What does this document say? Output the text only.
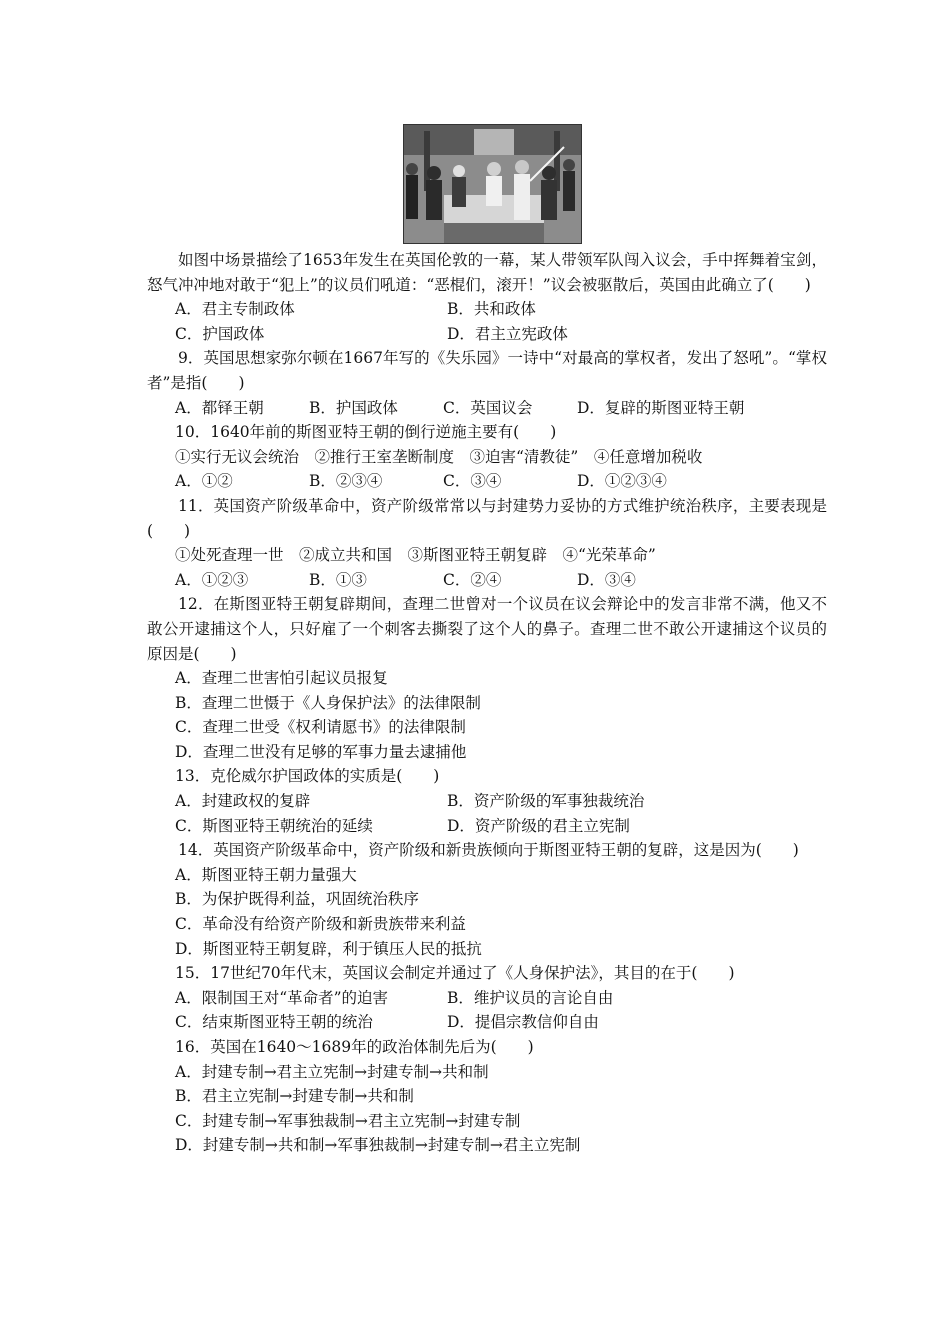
如图中场景描绘了1653年发生在英国伦敦的一幕，某人带领军队闯入议会，手中挥舞着宝剑，怒气冲冲地对敢于“犯上”的议员们吼道：“恶棍们，滚开！”议会被驱散后，英国由此确立了(　　)
A．君主专制政体	B．共和政体
C．护国政体	D．君主立宪政体
9．英国思想家弥尔顿在1667年写的《失乐园》一诗中“对最高的掌权者，发出了怒吼”。“掌权者”是指(　　)
A．都铎王朝	B．护国政体	C．英国议会	D．复辟的斯图亚特王朝
10．1640年前的斯图亚特王朝的倒行逆施主要有(　　)
①实行无议会统治　②推行王室垄断制度　③迫害“清教徒”　④任意增加税收
A．①②	B．②③④	C．③④	D．①②③④
11．英国资产阶级革命中，资产阶级常常以与封建势力妥协的方式维护统治秩序，主要表现是(　　)
①处死查理一世　②成立共和国　③斯图亚特王朝复辟　④“光荣革命”
A．①②③	B．①③	C．②④	D．③④
12．在斯图亚特王朝复辟期间，查理二世曾对一个议员在议会辩论中的发言非常不满，他又不敢公开逮捕这个人，只好雇了一个刺客去撕裂了这个人的鼻子。查理二世不敢公开逮捕这个议员的原因是(　　)
A．查理二世害怕引起议员报复
B．查理二世慑于《人身保护法》的法律限制
C．查理二世受《权利请愿书》的法律限制
D．查理二世没有足够的军事力量去逮捕他
13．克伦威尔护国政体的实质是(　　)
A．封建政权的复辟	B．资产阶级的军事独裁统治
C．斯图亚特王朝统治的延续	D．资产阶级的君主立宪制
14．英国资产阶级革命中，资产阶级和新贵族倾向于斯图亚特王朝的复辟，这是因为(　　)
A．斯图亚特王朝力量强大
B．为保护既得利益，巩固统治秩序
C．革命没有给资产阶级和新贵族带来利益
D．斯图亚特王朝复辟，利于镇压人民的抵抗
15．17世纪70年代末，英国议会制定并通过了《人身保护法》，其目的在于(　　)
A．限制国王对“革命者”的迫害	B．维护议员的言论自由
C．结束斯图亚特王朝的统治	D．提倡宗教信仰自由
16．英国在1640～1689年的政治体制先后为(　　)
A．封建专制→君主立宪制→封建专制→共和制
B．君主立宪制→封建专制→共和制
C．封建专制→军事独裁制→君主立宪制→封建专制
D．封建专制→共和制→军事独裁制→封建专制→君主立宪制
